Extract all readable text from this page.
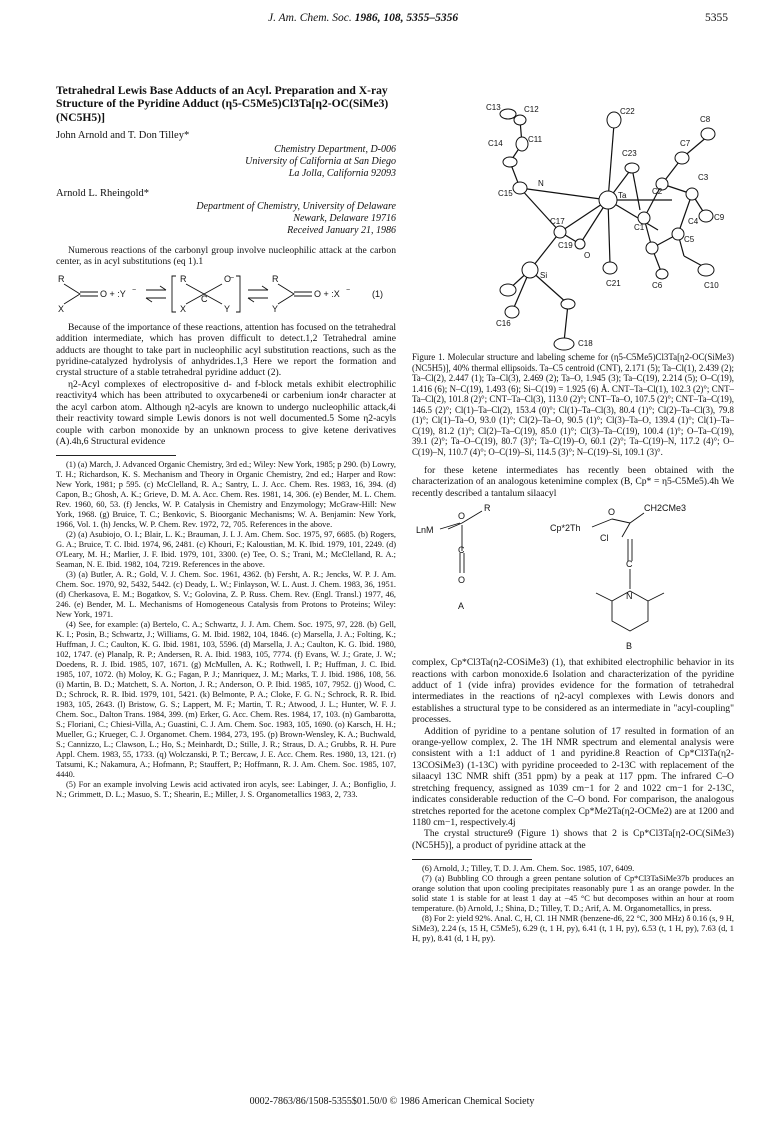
J. Am. Chem. Soc. 1986, 108, 5355–5356	5355
Tetrahedral Lewis Base Adducts of an Acyl. Preparation and X-ray Structure of the Pyridine Adduct (η5-C5Me5)Cl3Ta[η2-OC(SiMe3)(NC5H5)]
John Arnold and T. Don Tilley*
Chemistry Department, D-006
University of California at San Diego
La Jolla, California 92093
Arnold L. Rheingold*
Department of Chemistry, University of Delaware
Newark, Delaware 19716
Received January 21, 1986

Numerous reactions of the carbonyl group involve nucleophilic attack at the carbon center, as in acyl substitutions (eq 1).1

R
X
O + :Y −
R
X
C
O
Y
−	R
Y
O + :X − (1)

Because of the importance of these reactions, attention has focused on the tetrahedral addition intermediate, which has proven difficult to detect.1,2 Tetrahedral amine adducts are thought to take part in nucleophilic acyl substitution reactions, such as the pyridine-catalyzed hydrolysis of anhydrides.1,3 Here we report the formation and crystal structure of a stable tetrahedral pyridine adduct (2).

η2-Acyl complexes of electropositive d- and f-block metals exhibit electrophilic reactivity4 which has been attributed to oxycarbene4i or carbenium ion4r character at the acyl carbon atom. Although η2-acyls are known to undergo nucleophilic attack,4i their reactivity toward simple Lewis donors is not well documented.5 Some η2-acyls couple with carbon monoxide by an unknown process to give ketene derivatives (A).4h,6 Structural evidence

(1) (a) March, J. Advanced Organic Chemistry, 3rd ed.; Wiley: New York, 1985; p 290. (b) Lowry, T. H.; Richardson, K. S. Mechanism and Theory in Organic Chemistry, 2nd ed.; Harper and Row: New York, 1981; p 595. (c) McClelland, R. A.; Santry, L. J. Acc. Chem. Res. 1983, 16, 394. (d) Capon, B.; Ghosh, A. K.; Grieve, D. M. A. Acc. Chem. Res. 1981, 14, 306. (e) Bender, M. L. Chem. Rev. 1960, 60, 53. (f) Jencks, W. P. Catalysis in Chemistry and Enzymology; McGraw-Hill: New York, 1968. (g) Bruice, T. C.; Benkovic, S. Bioorganic Mechanisms; W. A. Benjamin: New York, 1966, Vol. 1. (h) Jencks, W. P. Chem. Rev. 1972, 72, 705. References in the above.

(2) (a) Asubiojo, O. I.; Blair, L. K.; Brauman, J. I. J. Am. Chem. Soc. 1975, 97, 6685. (b) Rogers, G. A.; Bruice, T. C. Ibid. 1974, 96, 2481. (c) Khouri, F.; Kaloustian, M. K. Ibid. 1979, 101, 2249. (d) O'Leary, M. H.; Marlier, J. F. Ibid. 1979, 101, 3300. (e) Tee, O. S.; Trani, M.; McClelland, R. A.; Seaman, N. E. Ibid. 1982, 104, 7219. References in the above.

(3) (a) Butler, A. R.; Gold, V. J. Chem. Soc. 1961, 4362. (b) Fersht, A. R.; Jencks, W. P. J. Am. Chem. Soc. 1970, 92, 5432, 5442. (c) Deady, L. W.; Finlayson, W. L. Aust. J. Chem. 1983, 36, 1951. (d) Cherkasova, E. M.; Bogatkov, S. V.; Golovina, Z. P. Russ. Chem. Rev. (Engl. Transl.) 1977, 46, 246. (e) Bender, M. L. Mechanisms of Homogeneous Catalysis from Protons to Proteins; Wiley: New York, 1971.

(4) See, for example: (a) Bertelo, C. A.; Schwartz, J. J. Am. Chem. Soc. 1975, 97, 228. (b) Gell, K. I.; Posin, B.; Schwartz, J.; Williams, G. M. Ibid. 1982, 104, 1846. (c) Marsella, J. A.; Folting, K.; Huffman, J. C.; Caulton, K. G. Ibid. 1981, 103, 5596. (d) Marsella, J. A.; Caulton, K. G. Ibid. 1980, 102, 1747. (e) Planalp, R. P.; Andersen, R. A. Ibid. 1983, 105, 7774. (f) Evans, W. J.; Grate, J. W.; Doedens, R. J. Ibid. 1985, 107, 1671. (g) McMullen, A. K.; Rothwell, I. P.; Huffman, J. C. Ibid. 1985, 107, 1072. (h) Moloy, K. G.; Fagan, P. J.; Manriquez, J. M.; Marks, T. J. Ibid. 1986, 108, 56. (i) Martin, B. D.; Matchett, S. A. Norton, J. R.; Anderson, O. P. Ibid. 1985, 107, 7952. (j) Wood, C. D.; Schrock, R. R. Ibid. 1979, 101, 5421. (k) Belmonte, P. A.; Cloke, F. G. N.; Schrock, R. R. Ibid. 1983, 105, 2643. (l) Bristow, G. S.; Lappert, M. F.; Martin, T. R.; Atwood, J. L.; Hunter, W. F. J. Chem. Soc., Dalton Trans. 1984, 399. (m) Erker, G. Acc. Chem. Res. 1984, 17, 103. (n) Gambarotta, S.; Floriani, C.; Chiesi-Villa, A.; Guastini, C. J. Am. Chem. Soc. 1983, 105, 1690. (o) Karsch, H. H.; Mueller, G.; Krueger, C. J. Organomet. Chem. 1984, 273, 195. (p) Brown-Wensley, K. A.; Buchwald, S.; Cannizzo, L.; Clawson, L.; Ho, S.; Meinhardt, D.; Stille, J. R.; Straus, D. A.; Grubbs, R. H. Pure Appl. Chem. 1983, 55, 1733. (q) Wolczanski, P. T.; Bercaw, J. E. Acc. Chem. Res. 1980, 13, 121. (r) Tatsumi, K.; Nakamura, A.; Hofmann, P.; Stauffert, P.; Hoffmann, R. J. Am. Chem. Soc. 1985, 107, 4440.

(5) For an example involving Lewis acid activated iron acyls, see: Labinger, J. A.; Bonfiglio, J. N.; Grimmett, D. L.; Masuo, S. T.; Shearin, E.; Miller, J. S. Organometallics 1983, 2, 733.

C13	C12
C8
C22
C7
C14	C11
C23
C3
N
Ta	C2
C9
C15
C4
C17
C19
C1
C5
C21
Si
O
C16
C6	C10
C18
Figure 1. Molecular structure and labeling scheme for (η5-C5Me5)Cl3Ta[η2-OC(SiMe3)(NC5H5)], 40% thermal ellipsoids. Ta–C5 centroid (CNT), 2.171 (5); Ta–Cl(1), 2.439 (2); Ta–Cl(2), 2.447 (1); Ta–Cl(3), 2.469 (2); Ta–O, 1.945 (3); Ta–C(19), 2.214 (5); O–C(19), 1.416 (6); N–C(19), 1.493 (6); Si–C(19) = 1.925 (6) Å. CNT–Ta–Cl(1), 102.3 (2)°; CNT–Ta–Cl(2), 101.8 (2)°; CNT–Ta–Cl(3), 113.0 (2)°; CNT–Ta–O, 107.5 (2)°; CNT–Ta–C(19), 146.5 (2)°; Cl(1)–Ta–Cl(2), 153.4 (0)°; Cl(1)–Ta–Cl(3), 80.4 (1)°; Cl(2)–Ta–Cl(3), 79.8 (1)°; Cl(1)–Ta–O, 93.0 (1)°; Cl(2)–Ta–O, 90.5 (1)°; Cl(3)–Ta–O, 139.4 (1)°; Cl(1)–Ta–C(19), 81.2 (1)°; Cl(2)–Ta–C(19), 85.0 (1)°; Cl(3)–Ta–C(19), 100.4 (1)°; O–Ta–C(19), 39.1 (2)°; Ta–O–C(19), 80.7 (3)°; Ta–C(19)–O, 60.1 (2)°; Ta–C(19)–N, 117.2 (4)°; O–C(19)–N, 110.7 (4)°; O–C(19)–Si, 114.5 (3)°; N–C(19)–Si, 109.1 (3)°.

for these ketene intermediates has recently been obtained with the characterization of an analogous ketenimine complex (B, Cp* = η5-C5Me5).4h We recently described a tantalum silaacyl

LnM
O
R
C
O
A
Cp*2Th
O	CH2CMe3
Cl
C
N
B

complex, Cp*Cl3Ta(η2-COSiMe3) (1), that exhibited electrophilic behavior in its reactions with carbon monoxide.6 Isolation and characterization of the pyridine adduct of 1 (vide infra) provides evidence for the formation of tetrahedral intermediates in the reactions of η2-acyl complexes with Lewis donors and establishes a structural type to be considered as an intermediate in "acyl-coupling" processes.

Addition of pyridine to a pentane solution of 17 resulted in formation of an orange-yellow complex, 2. The 1H NMR spectrum and elemental analysis were consistent with a 1:1 adduct of 1 and pyridine.8 Reaction of Cp*Cl3Ta(η2-13COSiMe3) (1-13C) with pyridine proceeded to 2-13C with replacement of the silaacyl 13C NMR shift (351 ppm) by a peak at 117 ppm. The infrared C–O stretching frequency, assigned as 1039 cm−1 for 2 and 1022 cm−1 for 2-13C, indicates considerable reduction of the C–O bond. For comparison, the analogous stretches reported for the acetone complex Cp*Me2Ta(η2-OCMe2) are at 1200 and 1180 cm−1, respectively.4j

The crystal structure9 (Figure 1) shows that 2 is Cp*Cl3Ta[η2-OC(SiMe3)(NC5H5)], a product of pyridine attack at the

(6) Arnold, J.; Tilley, T. D. J. Am. Chem. Soc. 1985, 107, 6409.

(7) (a) Bubbling CO through a green pentane solution of Cp*Cl3TaSiMe37b produces an orange solution that upon cooling precipitates reasonably pure 1 as an orange powder. In the solid state 1 is stable for at least 1 day at −45 °C but decomposes within an hour at room temperature. (b) Arnold, J.; Shina, D.; Tilley, T. D.; Arif, A. M. Organometallics, in press.

(8) For 2: yield 92%. Anal. C, H, Cl. 1H NMR (benzene-d6, 22 °C, 300 MHz) δ 0.16 (s, 9 H, SiMe3), 2.24 (s, 15 H, C5Me5), 6.29 (t, 1 H, py), 6.41 (t, 1 H, py), 6.53 (t, 1 H, py), 7.63 (d, 1 H, py), 8.41 (d, 1 H, py).

0002-7863/86/1508-5355$01.50/0 © 1986 American Chemical Society
